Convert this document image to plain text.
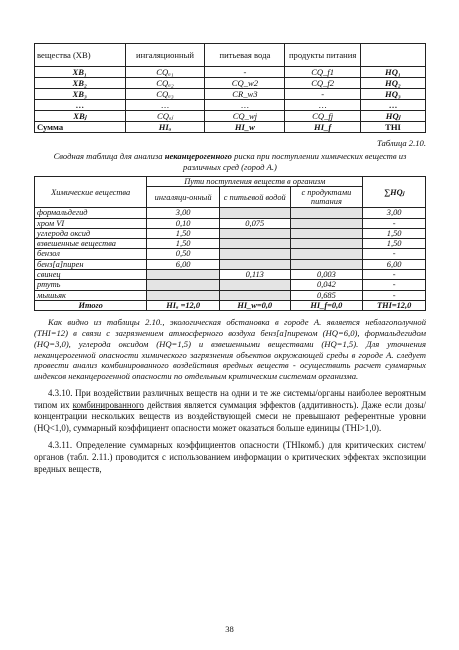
вещества (ХВ)	ингаляционный	питьевая вода	продукты питания	
ХВ₁	CQₐ₁	-	CQ_f1	HQ₁
ХВ₂	CQₐ₂	CQ_w2	CQ_f2	HQ₂
ХВ₃	CQₐ₃	CR_w3	-	HQ₃
…	…	…	…	…
ХВⱼ	CQₐⱼ	CQ_wj	CQ_fj	HQⱼ
Сумма	HIₐ	HI_w	HI_f	THI
Таблица 2.10.
Сводная таблица для анализа неканцерогенного риска при поступлении химических веществ из различных сред (город А.)
Химические вещества	Пути поступления веществ в организм			∑HQⱼ
	ингаляци-онный	с питьевой водой	с продуктами питания	
формальдегид	3,00			3,00
хром VI	0,10	0,075		-
углерода оксид	1,50			1,50
взвешенные вещества	1,50			1,50
бензол	0,50			-
бенз[а]пирен	6,00			6,00
свинец		0,113	0,003	-
ртуть			0,042	-
мышьяк			0,685	-
Итого	HIₐ =12,0	HI_w=0,0	HI_f=0,0	THI=12,0
Как видно из таблицы 2.10., экологическая обстановка в городе А. является неблагополучной (THI=12) в связи с загрязнением атмосферного воздуха бенз[а]пиреном (HQ=6,0), формальдегидом (HQ=3,0), углерода оксидом (HQ=1,5) и взвешенными веществами (HQ=1,5). Для уточнения неканцерогенной опасности химического загрязнения объектов окружающей среды в городе А. следует провести анализ комбинированного воздействия вредных веществ - осуществить расчет суммарных индексов неканцерогенной опасности по отдельным критическим системам организма.
4.3.10. При воздействии различных веществ на одни и те же системы/органы наиболее вероятным типом их комбинированного действия является суммация эффектов (аддитивность). Даже если дозы/концентрации нескольких веществ из воздействующей смеси не превышают референтные уровни (HQ<1,0), суммарный коэффициент опасности может оказаться больше единицы (THI>1,0).
4.3.11. Определение суммарных коэффициентов опасности (THIкомб.) для критических систем/органов (табл. 2.11.) проводится с использованием информации о критических эффектах экспозиции вредных веществ,
38
